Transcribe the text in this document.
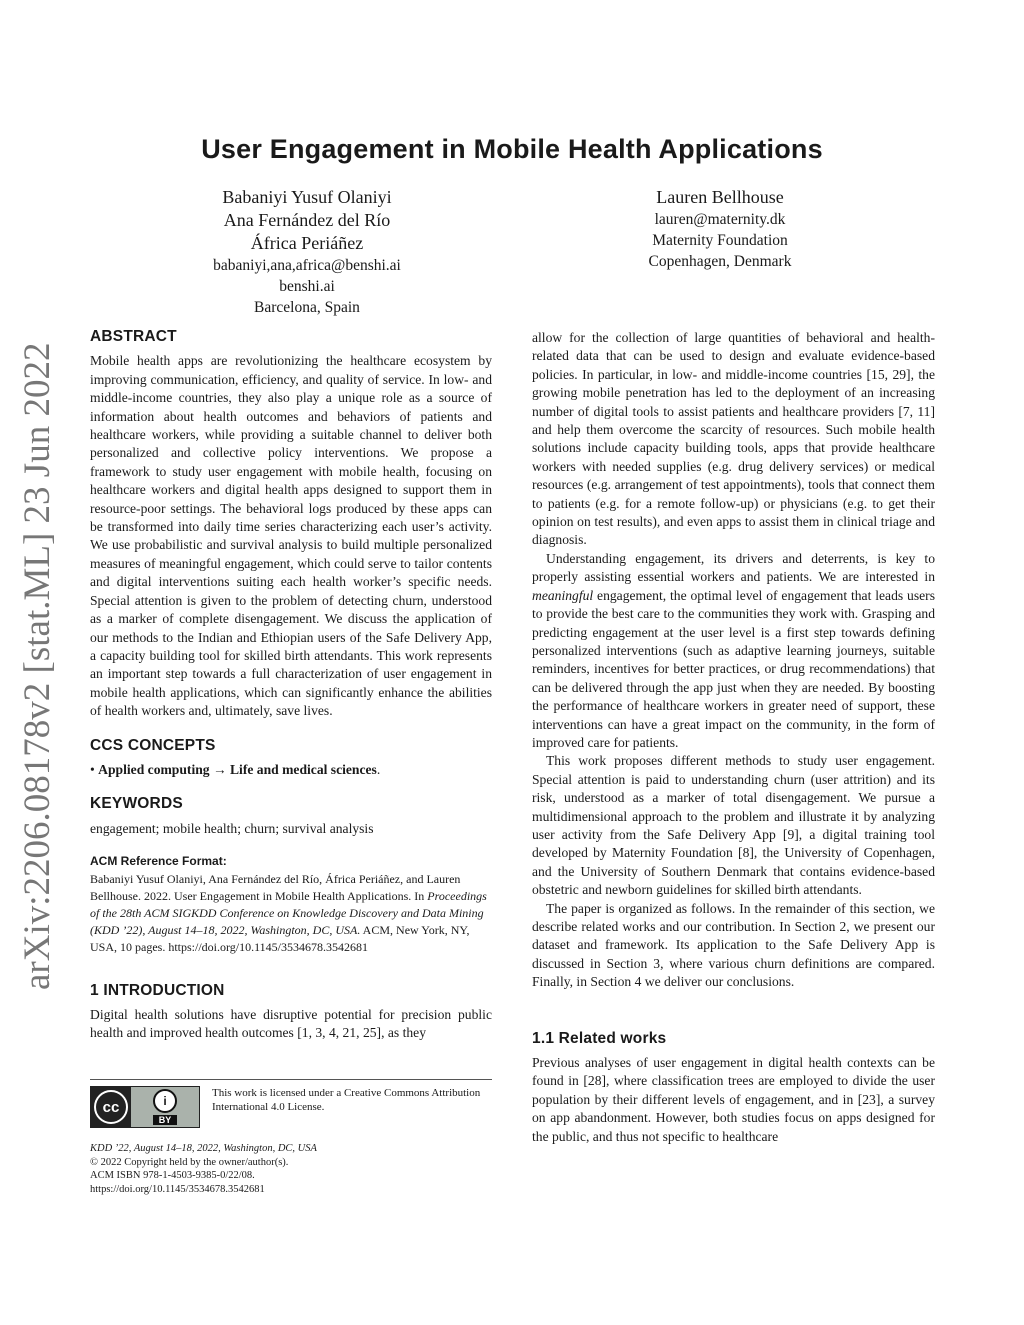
arXiv:2206.08178v2 [stat.ML] 23 Jun 2022
User Engagement in Mobile Health Applications
Babaniyi Yusuf Olaniyi
Ana Fernández del Río
África Periáñez
babaniyi,ana,africa@benshi.ai
benshi.ai
Barcelona, Spain
Lauren Bellhouse
lauren@maternity.dk
Maternity Foundation
Copenhagen, Denmark
ABSTRACT

Mobile health apps are revolutionizing the healthcare ecosystem by improving communication, efficiency, and quality of service. In low- and middle-income countries, they also play a unique role as a source of information about health outcomes and behaviors of patients and healthcare workers, while providing a suitable channel to deliver both personalized and collective policy interventions. We propose a framework to study user engagement with mobile health, focusing on healthcare workers and digital health apps designed to support them in resource-poor settings. The behavioral logs produced by these apps can be transformed into daily time series characterizing each user’s activity. We use probabilistic and survival analysis to build multiple personalized measures of meaningful engagement, which could serve to tailor contents and digital interventions suiting each health worker’s specific needs. Special attention is given to the problem of detecting churn, understood as a marker of complete disengagement. We discuss the application of our methods to the Indian and Ethiopian users of the Safe Delivery App, a capacity building tool for skilled birth attendants. This work represents an important step towards a full characterization of user engagement in mobile health applications, which can significantly enhance the abilities of health workers and, ultimately, save lives.

CCS CONCEPTS

• Applied computing → Life and medical sciences.

KEYWORDS

engagement; mobile health; churn; survival analysis

ACM Reference Format:

Babaniyi Yusuf Olaniyi, Ana Fernández del Río, África Periáñez, and Lauren Bellhouse. 2022. User Engagement in Mobile Health Applications. In Proceedings of the 28th ACM SIGKDD Conference on Knowledge Discovery and Data Mining (KDD ’22), August 14–18, 2022, Washington, DC, USA. ACM, New York, NY, USA, 10 pages. https://doi.org/10.1145/3534678.3542681

1 INTRODUCTION

Digital health solutions have disruptive potential for precision public health and improved health outcomes [1, 3, 4, 21, 25], as they

cc	i
BY
This work is licensed under a Creative Commons Attribution International 4.0 License.
KDD ’22, August 14–18, 2022, Washington, DC, USA
© 2022 Copyright held by the owner/author(s).
ACM ISBN 978-1-4503-9385-0/22/08.
https://doi.org/10.1145/3534678.3542681

allow for the collection of large quantities of behavioral and health-related data that can be used to design and evaluate evidence-based policies. In particular, in low- and middle-income countries [15, 29], the growing mobile penetration has led to the deployment of an increasing number of digital tools to assist patients and healthcare providers [7, 11] and help them overcome the scarcity of resources. Such mobile health solutions include capacity building tools, apps that provide healthcare workers with needed supplies (e.g. drug delivery services) or medical resources (e.g. arrangement of test appointments), tools that connect them to patients (e.g. for a remote follow-up) or physicians (e.g. to get their opinion on test results), and even apps to assist them in clinical triage and diagnosis.

Understanding engagement, its drivers and deterrents, is key to properly assisting essential workers and patients. We are interested in meaningful engagement, the optimal level of engagement that leads users to provide the best care to the communities they work with. Grasping and predicting engagement at the user level is a first step towards defining personalized interventions (such as adaptive learning journeys, suitable reminders, incentives for better practices, or drug recommendations) that can be delivered through the app just when they are needed. By boosting the performance of healthcare workers in greater need of support, these interventions can have a great impact on the community, in the form of improved care for patients.

This work proposes different methods to study user engagement. Special attention is paid to understanding churn (user attrition) and its risk, understood as a marker of total disengagement. We pursue a multidimensional approach to the problem and illustrate it by analyzing user activity from the Safe Delivery App [9], a digital training tool developed by Maternity Foundation [8], the University of Copenhagen, and the University of Southern Denmark that contains evidence-based obstetric and newborn guidelines for skilled birth attendants.

The paper is organized as follows. In the remainder of this section, we describe related works and our contribution. In Section 2, we present our dataset and framework. Its application to the Safe Delivery App is discussed in Section 3, where various churn definitions are compared. Finally, in Section 4 we deliver our conclusions.

1.1 Related works

Previous analyses of user engagement in digital health contexts can be found in [28], where classification trees are employed to divide the user population by their different levels of engagement, and in [23], a survey on app abandonment. However, both studies focus on apps designed for the public, and thus not specific to healthcare
